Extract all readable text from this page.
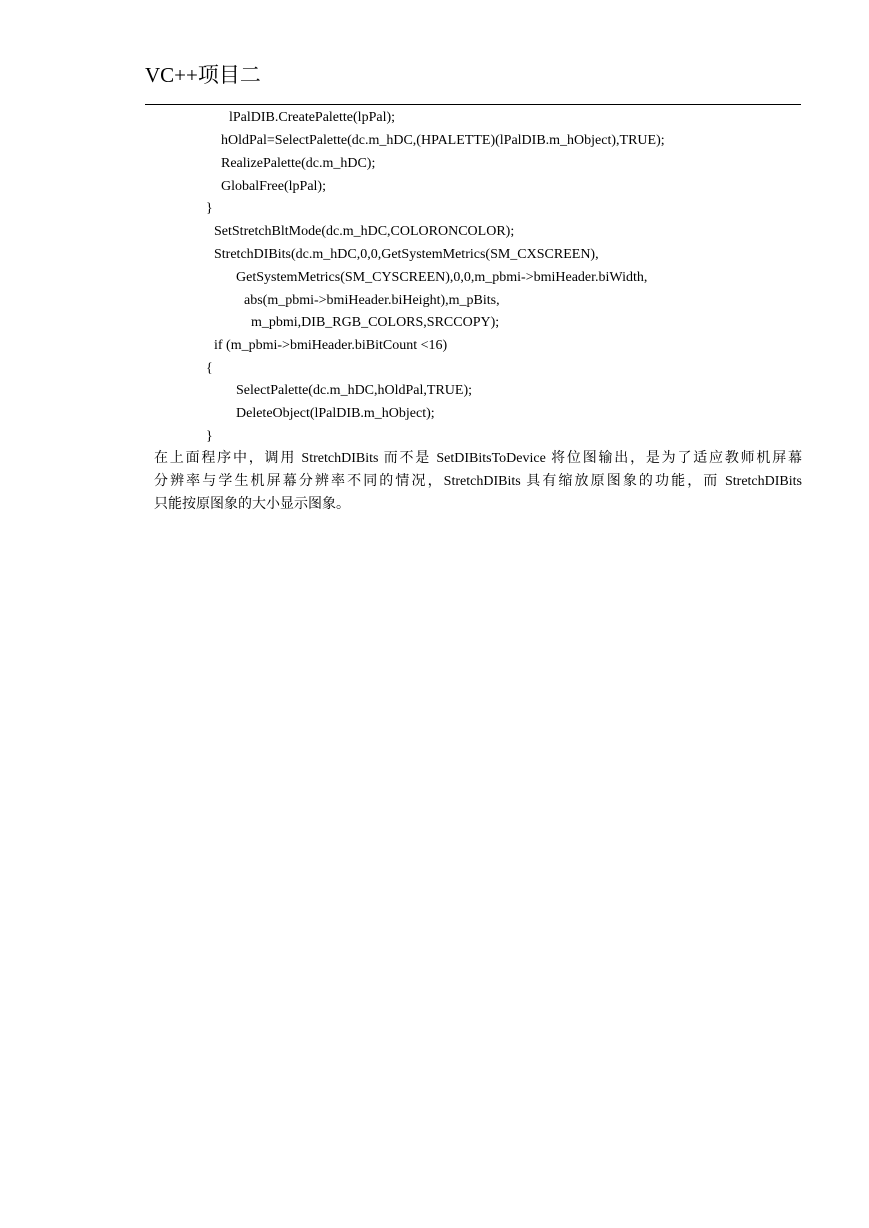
VC++项目二
lPalDIB.CreatePalette(lpPal);
hOldPal=SelectPalette(dc.m_hDC,(HPALETTE)(lPalDIB.m_hObject),TRUE);
RealizePalette(dc.m_hDC);
GlobalFree(lpPal);
}
SetStretchBltMode(dc.m_hDC,COLORONCOLOR);
StretchDIBits(dc.m_hDC,0,0,GetSystemMetrics(SM_CXSCREEN),
GetSystemMetrics(SM_CYSCREEN),0,0,m_pbmi->bmiHeader.biWidth,
abs(m_pbmi->bmiHeader.biHeight),m_pBits,
m_pbmi,DIB_RGB_COLORS,SRCCOPY);
if (m_pbmi->bmiHeader.biBitCount <16)
{
SelectPalette(dc.m_hDC,hOldPal,TRUE);
DeleteObject(lPalDIB.m_hObject);
}
在上面程序中，调用 StretchDIBits 而不是 SetDIBitsToDevice 将位图输出，是为了适应教师机屏幕
分辨率与学生机屏幕分辨率不同的情况，StretchDIBits 具有缩放原图象的功能，而 StretchDIBits
只能按原图象的大小显示图象。
